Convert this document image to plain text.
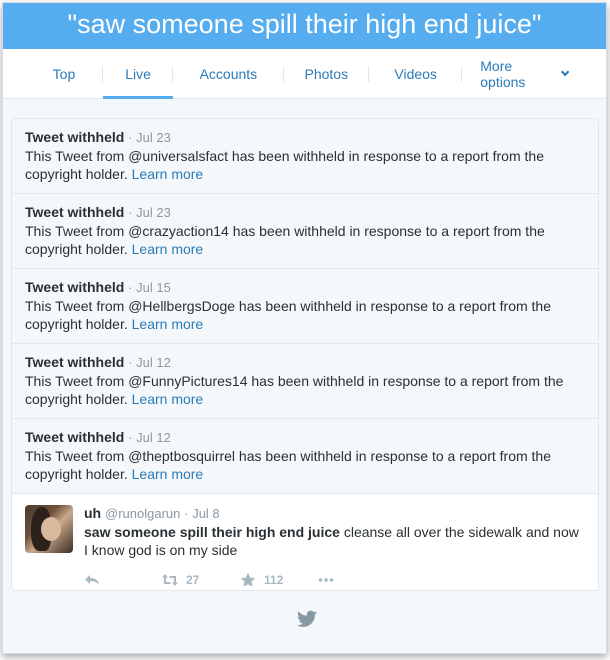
"saw someone spill their high end juice"
Top	Live	Accounts	Photos	Videos	More options
Tweet withheld · Jul 23
This Tweet from @universalsfact has been withheld in response to a report from the copyright holder. Learn more
Tweet withheld · Jul 23
This Tweet from @crazyaction14 has been withheld in response to a report from the copyright holder. Learn more
Tweet withheld · Jul 15
This Tweet from @HellbergsDoge has been withheld in response to a report from the copyright holder. Learn more
Tweet withheld · Jul 12
This Tweet from @FunnyPictures14 has been withheld in response to a report from the copyright holder. Learn more
Tweet withheld · Jul 12
This Tweet from @theptbosquirrel has been withheld in response to a report from the copyright holder. Learn more
uh @runolgarun · Jul 8
saw someone spill their high end juice cleanse all over the sidewalk and now I know god is on my side
27	112
